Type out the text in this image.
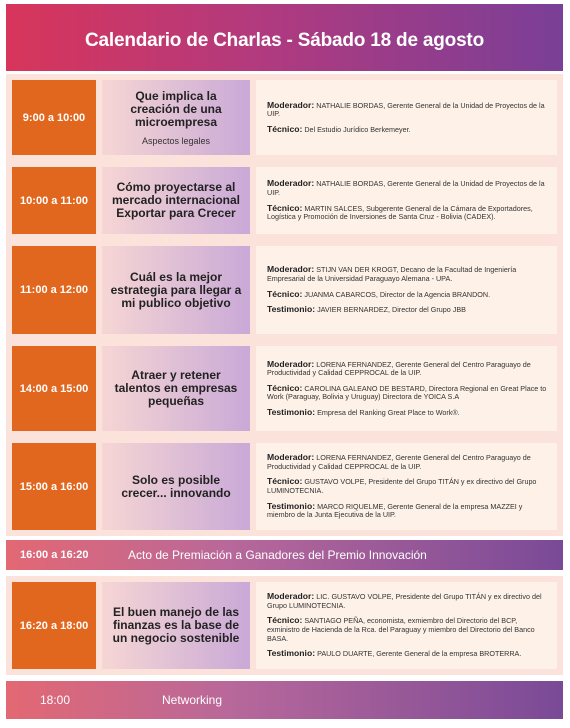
Calendario de Charlas - Sábado 18 de agosto
9:00 a 10:00
Que implica la creación de una microempresa
Aspectos legales
Moderador: NATHALIE BORDAS, Gerente General de la Unidad de Proyectos de la UIP.
Técnico: Del Estudio Jurídico Berkemeyer.
10:00 a 11:00
Cómo proyectarse al mercado internacional Exportar para Crecer
Moderador: NATHALIE BORDAS, Gerente General de la Unidad de Proyectos de la UIP.
Técnico: MARTIN SALCES, Subgerente General de la Cámara de Exportadores, Logística y Promoción de Inversiones de Santa Cruz - Bolivia (CADEX).
11:00 a 12:00
Cuál es la mejor estrategia para llegar a mi publico objetivo
Moderador: STIJN VAN DER KROGT, Decano de la Facultad de Ingeniería Empresarial de la Universidad Paraguayo Alemana - UPA.
Técnico: JUANMA CABARCOS, Director de la Agencia BRANDON.
Testimonio: JAVIER BERNARDEZ, Director del Grupo JBB
14:00 a 15:00
Atraer y retener talentos en empresas pequeñas
Moderador: LORENA FERNANDEZ, Gerente General del Centro Paraguayo de Productividad y Calidad CEPPROCAL de la UIP.
Técnico: CAROLINA GALEANO DE BESTARD, Directora Regional en Great Place to Work (Paraguay, Bolivia y Uruguay) Directora de YOICA S.A
Testimonio: Empresa del Ranking Great Place to Work®.
15:00 a 16:00	Solo es posible crecer... innovando
Moderador: LORENA FERNANDEZ, Gerente General del Centro Paraguayo de Productividad y Calidad CEPPROCAL de la UIP.
Técnico: GUSTAVO VOLPE, Presidente del Grupo TITÁN y ex directivo del Grupo LUMINOTECNIA.
Testimonio: MARCO RIQUELME, Gerente General de la empresa MAZZEI y miembro de la Junta Ejecutiva de la UIP.
16:00 a 16:20	Acto de Premiación a Ganadores del Premio Innovación
16:20 a 18:00
El buen manejo de las finanzas es la base de un negocio sostenible
Moderador: LIC. GUSTAVO VOLPE, Presidente del Grupo TITÁN y ex directivo del Grupo LUMINOTECNIA.
Técnico: SANTIAGO PEÑA, economista, exmiembro del Directorio del BCP, exministro de Hacienda de la Rca. del Paraguay y miembro del Directorio del Banco BASA.
Testimonio: PAULO DUARTE, Gerente General de la empresa BROTERRA.
18:00	Networking
